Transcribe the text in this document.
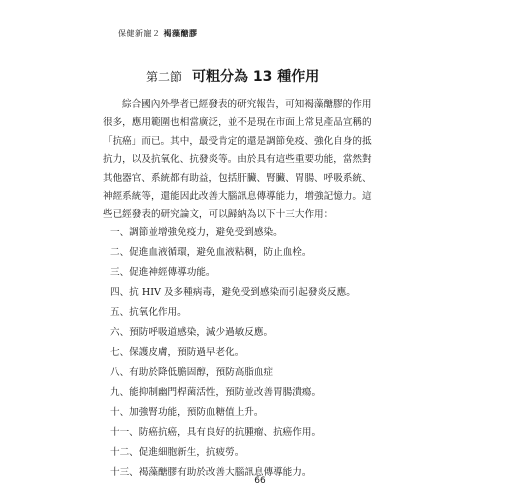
保健新寵２ 褐藻醣膠
第二節 可粗分為 13 種作用
綜合國內外學者已經發表的研究報告，可知褐藻醣膠的作用
很多，應用範圍也相當廣泛，並不是現在市面上常見產品宣稱的
「抗癌」而已。其中，最受肯定的還是調節免疫、強化自身的抵
抗力，以及抗氧化、抗發炎等。由於具有這些重要功能，當然對
其他器官、系統都有助益，包括肝臟、腎臟、胃腸、呼吸系統、
神經系統等，還能因此改善大腦訊息傳導能力，增強記憶力。這
些已經發表的研究論文，可以歸納為以下十三大作用：
一、調節並增強免疫力，避免受到感染。
二、促進血液循環，避免血液粘稠，防止血栓。
三、促進神經傳導功能。
四、抗 HIV 及多種病毒，避免受到感染而引起發炎反應。
五、抗氧化作用。
六、預防呼吸道感染，減少過敏反應。
七、保護皮膚，預防過早老化。
八、有助於降低膽固醇，預防高脂血症
九、能抑制幽門桿菌活性，預防並改善胃腸潰瘍。
十、加強腎功能，預防血糖值上升。
十一、防癌抗癌，具有良好的抗腫瘤、抗癌作用。
十二、促進細胞新生，抗疲勞。
十三、褐藻醣膠有助於改善大腦訊息傳導能力。
66
